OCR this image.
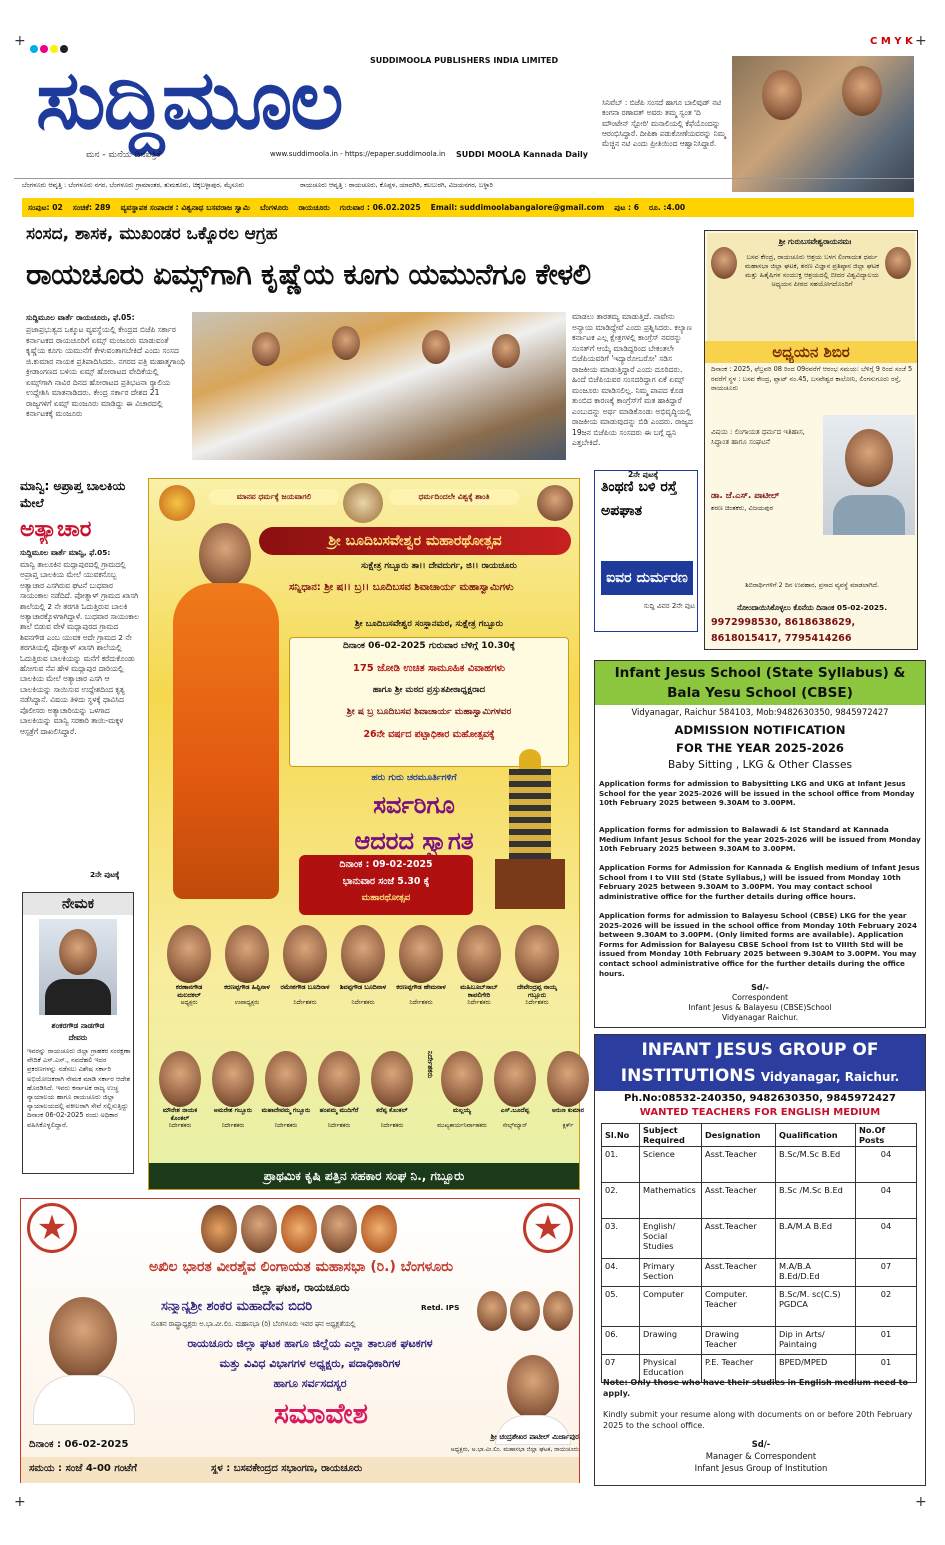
+	+
+	+
C M Y K
ಸುದ್ದಿಮೂಲ	SUDDIMOOLA PUBLISHERS INDIA LIMITED
ಮನ - ಮನೆಯ ದಿನಪತ್ರಿಕೆ	www.suddimoola.in - https://epaper.suddimoola.in SUDDI MOOLA Kannada Daily
ಸಿನಿವೆಬ್ : ಬಿಜೆಪಿ ಸಂಸದೆ ಹಾಗೂ ಬಾಲಿವುಡ್ ನಟಿ ಕಂಗನಾ ರಣಾವತ್ ಅವರು ತಮ್ಮ ಸ್ವಂತ 'ದಿ ಮೌಂಟೇನ್ ಸ್ಟೋರಿ' ಮನಾಲಿಯಲ್ಲಿ ಕೆಫೆಯೊಂದನ್ನು ಆರಂಭಿಸಿದ್ದಾರೆ. ದೀಪಿಕಾ ಪಡುಕೋಣೆಯವರನ್ನು ನಿಮ್ಮ ಮೆಚ್ಚಿನ ನಟಿ ಎಂದು ಪ್ರೀತಿಯಿಂದ ಆಹ್ವಾನಿಸಿದ್ದಾರೆ.
ಬೆಂಗಳೂರು ಆವೃತ್ತಿ : ಬೆಂಗಳೂರು ನಗರ, ಬೆಂಗಳೂರು ಗ್ರಾಮಾಂತರ, ತುಮಕೂರು, ಚಿಕ್ಕಬಳ್ಳಾಪುರ, ಮೈಸೂರು	ರಾಯಚೂರು ಆವೃತ್ತಿ : ರಾಯಚೂರು, ಕೊಪ್ಪಳ, ಯಾದಗಿರಿ, ಕಲಬುರಗಿ, ವಿಜಯನಗರ, ಬಳ್ಳಾರಿ
ಸಂಪುಟ: 02 ಸಂಚಿಕೆ: 289 ವ್ಯವಸ್ಥಾಪಕ ಸಂಪಾದಕ : ವಿಶ್ವನಾಥ ಬಸವರಾಜ ಸ್ವಾಮಿ ಬೆಂಗಳೂರು ರಾಯಚೂರು ಗುರುವಾರ : 06.02.2025 Email: suddimoolabangalore@gmail.com ಪುಟ : 6 ರೂ. :4.00
ಸಂಸದ, ಶಾಸಕ, ಮುಖಂಡರ ಒಕ್ಕೊರಲ ಆಗ್ರಹ
ರಾಯಚೂರು ಏಮ್ಸ್‌ಗಾಗಿ ಕೃಷ್ಣೆಯ ಕೂಗು ಯಮುನೆಗೂ ಕೇಳಲಿ
ಸುದ್ದಿಮೂಲ ವಾರ್ತೆ ರಾಯಚೂರು, ಫೆ.05:
ಪ್ರಜಾಪ್ರಭುತ್ವದ ಒಕ್ಕೂಟ ವ್ಯವಸ್ಥೆಯಲ್ಲಿ ಕೇಂದ್ರದ ಬಿಜೆಪಿ ಸರ್ಕಾರ ಕರ್ನಾಟಕದ ರಾಯಚೂರಿಗೆ ಏಮ್ಸ್ ಮಂಜೂರು ಮಾಡುವಂತೆ ಕೃಷ್ಣೆಯ ಕೂಗು ಯಮುನೆಗೆ ಕೇಳುವಂತಾಗಬೇಕಿದೆ ಎಂದು ಸಂಸದ ಜಿ.ಕುಮಾರ ನಾಯಕ ಪ್ರತಿಪಾದಿಸಿದರು. ನಗರದ ಪತ್ರಿ ಮಹಾತ್ಮಗಾಂಧಿ ಕ್ರೀಡಾಂಗಣದ ಬಳಿಯ ಏಮ್ಸ್ ಹೋರಾಟದ ವೇದಿಕೆಯಲ್ಲಿ ಏಮ್ಸ್‌ಗಾಗಿ ನಾವಿರ ದಿನದ ಹೋರಾಟದ ಪ್ರತಿಭಟನಾ ರ‍್ಯಾಲಿಯ ಉದ್ದೇಶಿಸಿ ಮಾತನಾಡಿದರು. ಕೇಂದ್ರ ಸರ್ಕಾರ ದೇಶದ 21 ರಾಜ್ಯಗಳಿಗೆ ಏಮ್ಸ್ ಮಂಜೂರು ಮಾಡಿದ್ದು ಈ ವಿಚಾರದಲ್ಲಿ ಕರ್ನಾಟಕಕ್ಕೆ ಮಂಜೂರು
ಮಾಡಲು ತಾರತಮ್ಯ ಮಾಡುತ್ತಿದೆ. ನಾವೇನು ಅನ್ಯಾಯ ಮಾಡಿದ್ದೇವೆ ಎಂದು ಪ್ರಶ್ನಿಸಿದರು. ಕಲ್ಯಾಣ ಕರ್ನಾಟಕ ಎಲ್ಲ ಕ್ಷೇತ್ರಗಳಲ್ಲಿ ಕಾಂಗ್ರೆಸ್ ನವರನ್ನು ಸಂಸತ್‌ಗೆ ಆಯ್ಕೆ ಮಾಡಿದ್ದರಿಂದ ಬೇಕಂತಲೇ ಬಿಜೆಪಿಯವರಿಗೆ 'ಇದ್ಯಾರೋಬರೋ' ಸಡಿಸ ರಾಜಕೀಯ ಮಾಡುತ್ತಿದ್ದಾರೆ ಎಂದು ದೂರಿದರು. ಹಿಂದೆ ಬಿಜೆಪಿಯವರ ಸಂಸದರಿದ್ದಾಗ ಏಕೆ ಏಮ್ಸ್ ಮಂಜೂರು ಮಾಡಿಸಲಿಲ್ಲ. ನಿಮ್ಮ ಪಾಪದ ಕೊಡ ತುಂಬಿದ ಕಾರಣಕ್ಕೆ ಕಾಂಗ್ರೆಸ್‌ಗೆ ಮತ ಹಾಕಿದ್ದಾರೆ ಎಂಬುದನ್ನು ಅರ್ಥ ಮಾಡಿಕೊಂಡು ಅಭಿವೃದ್ಧಿಯಲ್ಲಿ ರಾಜಕೀಯ ಮಾಡುವುದನ್ನು ಬಿಡಿ ಎಂದರು. ರಾಜ್ಯದ 19ಜನ ಬಿಜೆಪಿಯ ಸಂಸದರು ಈ ಬಗ್ಗೆ ಧ್ವನಿ ಎತ್ತಬೇಕಿದೆ.
2ನೇ ಪುಟಕ್ಕೆ
ಶ್ರೀ ಗುರುಬಸವೇಶ್ವರಾಯನಮಃ
ಬಸವ ಕೇಂದ್ರ, ರಾಯಚೂರು ಆಶ್ರಯ ಬಳಗ ಲಿಂಗಾಯತ ಧರ್ಮ ಮಹಾಸಭಾ ಜಿಲ್ಲಾ ಘಟಕ, ಶರಣ ವಿಜ್ಞಾನ ಪ್ರತಿಷ್ಠಾನ ಜಿಲ್ಲಾ ಘಟಕ ಮತ್ತು ಹಿತೈಷಿಗಳ ಸಂಯುಕ್ತ ಆಶ್ರಯದಲ್ಲಿ ಬೀದರ ವಿಶ್ವವಿದ್ಯಾಲಯ ಅಧ್ಯಯನ ಪೀಠದ ಸಹಯೋಗದೊಂದಿಗೆ
ಅಧ್ಯಯನ ಶಿಬಿರ
ದಿನಾಂಕ : 2025, ಫೆಬ್ರವರಿ 08 ರಿಂದ 09ರವರೆಗೆ ಆರಂಭ ಸಮಯ: ಬೆಳಿಗ್ಗೆ 9 ರಿಂದ ಸಂಜೆ 5 ರವರೆಗೆ ಸ್ಥಳ : ಬಸವ ಕೇಂದ್ರ, ಪ್ಲಾಟ್ ನಂ.45, ಬಸವೇಶ್ವರ ಕಾಲೋನಿ, ಲಿಂಗಸುಗೂರು ರಸ್ತೆ, ರಾಯಚೂರು
ವಿಷಯ : ಲಿಂಗಾಯತ ಧರ್ಮದ ಇತಿಹಾಸ, ಸಿದ್ಧಾಂತ ಹಾಗೂ ಸಂಘಟನೆ
ಡಾ. ಜೆ.ಎಸ್. ಪಾಟೀಲ್
ಶರಣ ಚಿಂತಕರು, ವಿಜಯಪುರ
ಶಿಬಿರಾರ್ಥಿಗಳಿಗೆ 2 ದಿನ ಉಪಹಾರ, ಪ್ರಸಾದ ವ್ಯವಸ್ಥೆ ಮಾಡಲಾಗಿದೆ.
ನೋಂದಾಯಿಸಿಕೊಳ್ಳಲು ಕೊನೆಯ ದಿನಾಂಕ 05-02-2025.
9972998530, 8618638629, 8618015417, 7795414266
ಮಾನ್ವಿ: ಅಪ್ರಾಪ್ತ ಬಾಲಕಿಯ ಮೇಲೆ
ಅತ್ಯಾಚಾರ
ಸುದ್ದಿಮೂಲ ವಾರ್ತೆ ಮಾನ್ವಿ, ಫೆ.05:
ಮಾನ್ವಿ ತಾಲೂಕಿನ ಮದ್ಲಾಪುರದಲ್ಲಿ ಗ್ರಾಮದಲ್ಲಿ ಅಪ್ರಾಪ್ತ ಬಾಲಕಿಯ ಮೇಲೆ ಯುವಕನೊಬ್ಬ ಅತ್ಯಾಚಾರ ಎಸಗಿರುವ ಘಟನೆ ಬುಧವಾರ ಸಾಯಂಕಾಲ ನಡೆದಿದೆ. ಪೋತ್ನಾಳ್ ಗ್ರಾಮದ ಖಾಸಗಿ ಶಾಲೆಯಲ್ಲಿ 2 ನೇ ತರಗತಿ ಓದುತ್ತಿರುವ ಬಾಲಕಿ ಅತ್ಯಾಚಾರಕ್ಕೊಳಗಾಗಿದ್ದಾಳೆ. ಬುಧವಾರ ಸಾಯಂಕಾಲ ಶಾಲೆ ಬಿಡುವ ವೇಳೆ ಮದ್ಲಾಪುರದ ಗ್ರಾಮದ ಶಿವನಗೌಡ ಎಂಬ ಯುವಕ ಅದೇ ಗ್ರಾಮದ 2 ನೇ ತರಗತಿಯಲ್ಲಿ ಪೋತ್ನಾಳ್ ಖಾಸಗಿ ಶಾಲೆಯಲ್ಲಿ ಓದುತ್ತಿರುವ ಬಾಲಕಿಯನ್ನು ಮನೆಗೆ ಕರೆದುಕೊಂಡು ಹೋಗುವ ನೆಪ ಹೇಳಿ ಮದ್ಲಾಪುರ ದಾರಿಯಲ್ಲಿ ಬಾಲಕಿಯ ಮೇಲೆ ಅತ್ಯಾಚಾರ ಎಸಗಿ ಆ ಬಾಲಕಿಯನ್ನು ಸಾಯಿಸುವ ಉದ್ದೇಶದಿಂದ ಕೃತ್ಯ ನಡೆಸಿದ್ದಾನೆ. ವಿಷಯ ತಿಳಿದು ಸ್ಥಳಕ್ಕೆ ಧಾವಿಸಿದ ಪೊಲೀಸರು ಅತ್ಯಾಚಾರಿಯನ್ನು ಒಳಗಾದ ಬಾಲಕಿಯನ್ನು ಮಾನ್ವಿ ಸರಕಾರಿ ತಾಯಿ-ಮಕ್ಕಳ ಆಸ್ಪತ್ರೆಗೆ ದಾಖಲಿಸಿದ್ದಾರೆ.
2ನೇ ಪುಟಕ್ಕೆ
ತಿಂಥಣಿ ಬಳಿ ರಸ್ತೆ ಅಪಘಾತ
ಐವರ ದುರ್ಮರಣ
ಸುದ್ದಿ ವಿವರ 2ನೇ ಪುಟ
ನೇಮಕ
ಶಂಕರಗೌಡ ನಾಡಗೌಡ
ದೇವರು
ಇವರನ್ನು ರಾಯಚೂರು ಜಿಲ್ಲಾ ಗ್ರಾಹಕರ ಸಂರಕ್ಷಣಾ ವೇದಿಕೆ ಎಸ್.ಎಸ್., ನವದೆಹಲಿ ಇದರ ಪ್ರಕರಣಗಳನ್ನು ನಡೆಸಲು ವಿಶೇಷ ಸರ್ಕಾರಿ ಅಭಿಯೋಜಕರಾಗಿ ನೇಮಕ ಮಾಡಿ ಸರ್ಕಾರ ಆದೇಶ ಹೊರಡಿಸಿದೆ. ಇವರು ಕರ್ನಾಟಕ ರಾಜ್ಯ ಉಚ್ಚ ನ್ಯಾಯಾಲಯ ಹಾಗೂ ರಾಯಚೂರು ಜಿಲ್ಲಾ ನ್ಯಾಯಾಲಯದಲ್ಲಿ ವಕೀಲರಾಗಿ ಸೇವೆ ಸಲ್ಲಿಸುತ್ತಿದ್ದು ದಿನಾಂಕ 06-02-2025 ರಂದು ಅಧಿಕಾರ ವಹಿಸಿಕೊಳ್ಳಲಿದ್ದಾರೆ.
ಮಾನವ ಧರ್ಮಕ್ಕೆ ಜಯವಾಗಲಿ	ಧರ್ಮದಿಂದಲೇ ವಿಶ್ವಕ್ಕೆ ಶಾಂತಿ
ಶ್ರೀ ಬೂದಿಬಸವೇಶ್ವರ ಮಹಾರಥೋತ್ಸವ
ಸುಕ್ಷೇತ್ರ ಗಬ್ಬೂರು ತಾ।। ದೇವದುರ್ಗ, ಜಿ।। ರಾಯಚೂರು
ಸನ್ನಿಧಾನ: ಶ್ರೀ ಷ।। ಬ್ರ।। ಬೂದಿಬಸವ ಶಿವಾಚಾರ್ಯ ಮಹಾಸ್ವಾಮಿಗಳು
ಶ್ರೀ ಬೂದಿಬಸವೇಶ್ವರ ಸಂಸ್ಥಾನಮಠ, ಸುಕ್ಷೇತ್ರ ಗಬ್ಬೂರು
ದಿನಾಂಕ 06-02-2025 ಗುರುವಾರ ಬೆಳಿಗ್ಗೆ 10.30ಕ್ಕೆ
175 ಜೋಡಿ ಉಚಿತ ಸಾಮೂಹಿಕ ವಿವಾಹಗಳು
ಹಾಗೂ ಶ್ರೀ ಮಠದ ಪ್ರಸ್ತುತಪೀಠಾಧ್ಯಕ್ಷರಾದ
ಶ್ರೀ ಷ ಬ್ರ ಬೂದಿಬಸವ ಶಿವಾಚಾರ್ಯ ಮಹಾಸ್ವಾಮಿಗಳವರ
26ನೇ ವರ್ಷದ ಪಟ್ಟಾಧಿಕಾರ ಮಹೋತ್ಸವಕ್ಕೆ
ಹರು ಗುರು ಚರಮೂರ್ತಿಗಳಿಗೆ
ಸರ್ವರಿಗೂ
ಆದರದ ಸ್ವಾಗತ
ದಿನಾಂಕ : 09-02-2025
ಭಾನುವಾರ ಸಂಜೆ 5.30 ಕ್ಕೆ
ಮಹಾರಥೋತ್ಸವ
ಕರಣಾನಗೌಡ ಮಲದಕಲ್
ಅಧ್ಯಕ್ಷರು
ಕರಣಪ್ಪಗೌಡ ಹಿಪ್ಪಿನಾಳ
ಉಪಾಧ್ಯಕ್ಷರು
ರಮೇಶಗೌಡ ಬೂದಿನಾಳ
ನಿರ್ದೇಶಕರು
ಶಿವಪ್ಪಗೌಡ ಬೂದಿನಾಳ
ನಿರ್ದೇಶಕರು
ಕರಣಪ್ಪಗೌಡ ಹೇಮನಾಳ
ನಿರ್ದೇಶಕರು
ಮಹಿಬೂಬ್‌ಸಾಬ್ ಕಾವಲಿಗೇರಿ
ನಿರ್ದೇಶಕರು
ದೇವೇಂದ್ರಪ್ಪ ನಾಯ್ಕ ಗಬ್ಬೂರು
ನಿರ್ದೇಶಕರು
ಮೌನೇಶ ನಾಯಕ ಕೊಂಕಲ್
ನಿರ್ದೇಶಕರು
ಅಮರೇಶ ಗಬ್ಬೂರು
ನಿರ್ದೇಶಕರು
ಮಹಾದೇವಮ್ಮ ಗಬ್ಬೂರು
ನಿರ್ದೇಶಕರು
ಹಂಪಮ್ಮ ಮುದಿಗೆರೆ
ನಿರ್ದೇಶಕರು
ಕರೆಪ್ಪ ಕೊಂಕಲ್
ನಿರ್ದೇಶಕರು
ನಿರ್ದೇಶಕರು
ಮಲ್ಲಯ್ಯ
ಮುಖ್ಯಕಾರ್ಯನಿರ್ವಾಹಕರು
ಎಸ್.ಬೂದೆಪ್ಪ
ಸೇಲ್ಸ್‌ಮ್ಯಾನ್
ಅರುಣ ಕುಮಾರ
ಕ್ಲರ್ಕ್
ಪ್ರಾಥಮಿಕ ಕೃಷಿ ಪತ್ತಿನ ಸಹಕಾರ ಸಂಘ ನಿ., ಗಬ್ಬೂರು
Infant Jesus School (State Syllabus) &
Bala Yesu School (CBSE)
Vidyanagar, Raichur 584103, Mob:9482630350, 9845972427
ADMISSION NOTIFICATION
FOR THE YEAR 2025-2026
Baby Sitting , LKG & Other Classes
Application forms for admission to Babysitting LKG and UKG at Infant Jesus School for the year 2025-2026 will be issued in the school office from Monday 10th February 2025 between 9.30AM to 3.00PM.
Application forms for admission to Balawadi & Ist Standard at Kannada Medium Infant Jesus School for the year 2025-2026 will be issued from Monday 10th February 2025 between 9.30AM to 3.00PM.
Application Forms for Admission for Kannada & English medium of Infant Jesus School from I to VIII Std (State Syllabus,) will be issued from Monday 10th February 2025 between 9.30AM to 3.00PM. You may contact school administrative office for the further details during office hours.
Application forms for admission to Balayesu School (CBSE) LKG for the year 2025-2026 will be issued in the school office from Monday 10th February 2024 between 9.30AM to 3.00PM. (Only limited forms are available). Application Forms for Admission for Balayesu CBSE School from Ist to VIIIth Std will be issued from Monday 10th February 2025 between 9.30AM to 3.00PM. You may contact school administrative office for the further details during the office hours.
Sd/-
Correspondent
Infant Jesus & Balayesu (CBSE)School
Vidyanagar Raichur.
INFANT JESUS GROUP OF
INSTITUTIONS Vidyanagar, Raichur.
Ph.No:08532-240350, 9482630350, 9845972427
WANTED TEACHERS FOR ENGLISH MEDIUM
Sl.No	Subject Required	Designation	Qualification	No.Of Posts
01.	Science	Asst.Teacher	B.Sc/M.Sc B.Ed	04
02.	Mathematics	Asst.Teacher	B.Sc /M.Sc B.Ed	04
03.	English/ Social Studies	Asst.Teacher	B.A/M.A B.Ed	04
04.	Primary Section	Asst.Teacher	M.A/B.A B.Ed/D.Ed	07
05.	Computer	Computer. Teacher	B.Sc/M. sc(C.S) PGDCA	02
06.	Drawing	Drawing Teacher	Dip in Arts/ Paintaing	01
07	Physical Education	P.E. Teacher	BPED/MPED	01
Note: Only those who have their studies in English medium need to apply.
Kindly submit your resume along with documents on or before 20th February 2025 to the school office.
Sd/-
Manager & Correspondent
Infant Jesus Group of Institution
★	★
ಅಖಿಲ ಭಾರತ ವೀರಶೈವ ಲಿಂಗಾಯತ ಮಹಾಸಭಾ (ರಿ.) ಬೆಂಗಳೂರು
ಜಿಲ್ಲಾ ಘಟಕ, ರಾಯಚೂರು
ಸನ್ಮಾನ್ಯಶ್ರೀ ಶಂಕರ ಮಹಾದೇವ ಬಿದರಿ	Retd. IPS
ನೂತನ ರಾಷ್ಟ್ರಾಧ್ಯಕ್ಷರು ಅ.ಭಾ.ವೀ.ಲಿಂ. ಮಹಾಸಭಾ (ರಿ) ಬೆಂಗಳೂರು ಇವರ ಘನ ಅಧ್ಯಕ್ಷತೆಯಲ್ಲಿ
ರಾಯಚೂರು ಜಿಲ್ಲಾ ಘಟಕ ಹಾಗೂ ಜಿಲ್ಲೆಯ ಎಲ್ಲಾ ತಾಲೂಕ ಘಟಕಗಳ
ಮತ್ತು ವಿವಿಧ ವಿಭಾಗಗಳ ಅಧ್ಯಕ್ಷರು, ಪದಾಧಿಕಾರಿಗಳ
ಹಾಗೂ ಸರ್ವಸದಸ್ಯರ
ಸಮಾವೇಶ
ಶ್ರೀ ಚಂದ್ರಶೇಖರ ಪಾಟೀಲ್ ಮಿರ್ಜಾಪುರ
ಅಧ್ಯಕ್ಷರು, ಅ.ಭಾ.ವೀ.ಲಿಂ. ಮಹಾಸಭಾ ಜಿಲ್ಲಾ ಘಟಕ, ರಾಯಚೂರು
ದಿನಾಂಕ : 06-02-2025
ಸಮಯ : ಸಂಜೆ 4-00 ಗಂಟೆಗೆ	ಸ್ಥಳ : ಬಸವಕೇಂದ್ರದ ಸಭಾಂಗಣ, ರಾಯಚೂರು
